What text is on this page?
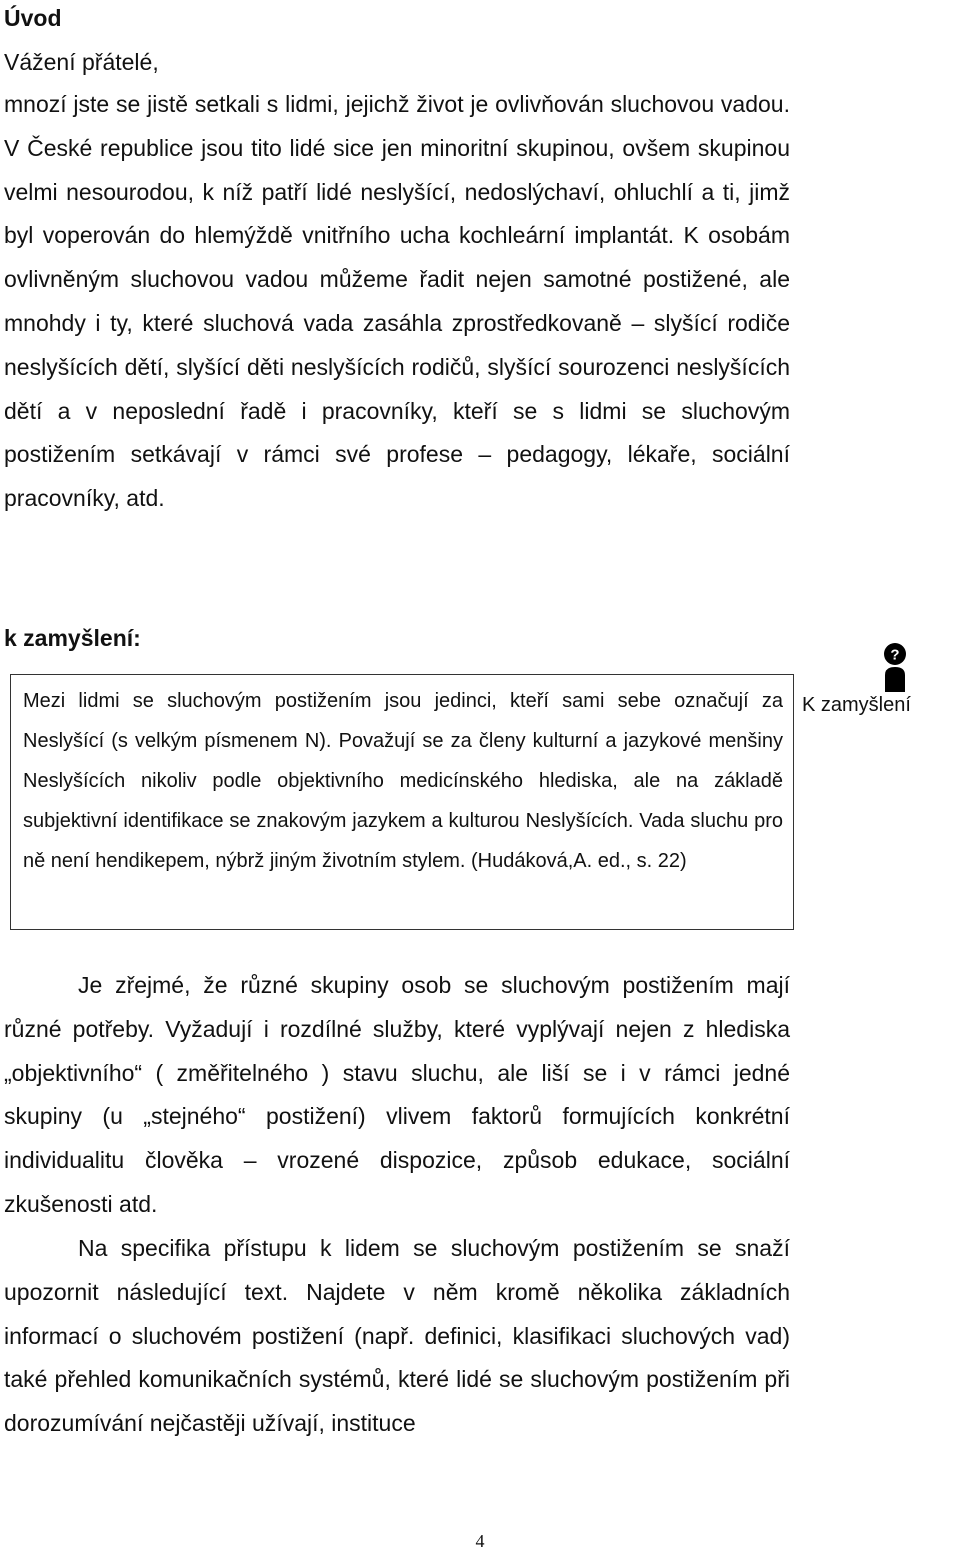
Úvod
Vážení přátelé,

mnozí jste se jistě setkali s lidmi, jejichž život je ovlivňován sluchovou vadou. V České republice jsou tito lidé sice jen minoritní skupinou, ovšem skupinou velmi nesourodou, k níž patří lidé neslyšící, nedoslýchaví, ohluchlí a ti, jimž byl voperován do hlemýždě vnitřního ucha kochleární implantát. K osobám ovlivněným sluchovou vadou můžeme řadit nejen samotné postižené, ale mnohdy i ty, které sluchová vada zasáhla zprostředkovaně – slyšící rodiče neslyšících dětí, slyšící děti neslyšících rodičů, slyšící sourozenci neslyšících dětí a v neposlední řadě i pracovníky, kteří se s lidmi se sluchovým postižením setkávají v rámci své profese – pedagogy, lékaře, sociální pracovníky, atd.

k zamyšlení:

Mezi lidmi se sluchovým postižením jsou jedinci, kteří sami sebe označují za Neslyšící (s velkým písmenem N). Považují se za členy kulturní a jazykové menšiny Neslyšících nikoliv podle objektivního medicínského hlediska, ale na základě subjektivní identifikace se znakovým jazykem a kulturou Neslyšících. Vada sluchu pro ně není hendikepem, nýbrž jiným životním stylem. (Hudáková,A. ed., s. 22)

?
K zamyšlení

Je zřejmé, že různé skupiny osob se sluchovým postižením mají různé potřeby. Vyžadují i rozdílné služby, které vyplývají nejen z hlediska „objektivního“ ( změřitelného ) stavu sluchu, ale liší se i v rámci jedné skupiny (u „stejného“ postižení) vlivem faktorů formujících konkrétní individualitu člověka – vrozené dispozice, způsob edukace, sociální zkušenosti atd.

Na specifika přístupu k lidem se sluchovým postižením se snaží upozornit následující text. Najdete v něm kromě několika základních informací o sluchovém postižení (např. definici, klasifikaci sluchových vad) také přehled komunikačních systémů, které lidé se sluchovým postižením při dorozumívání nejčastěji užívají, instituce

4
